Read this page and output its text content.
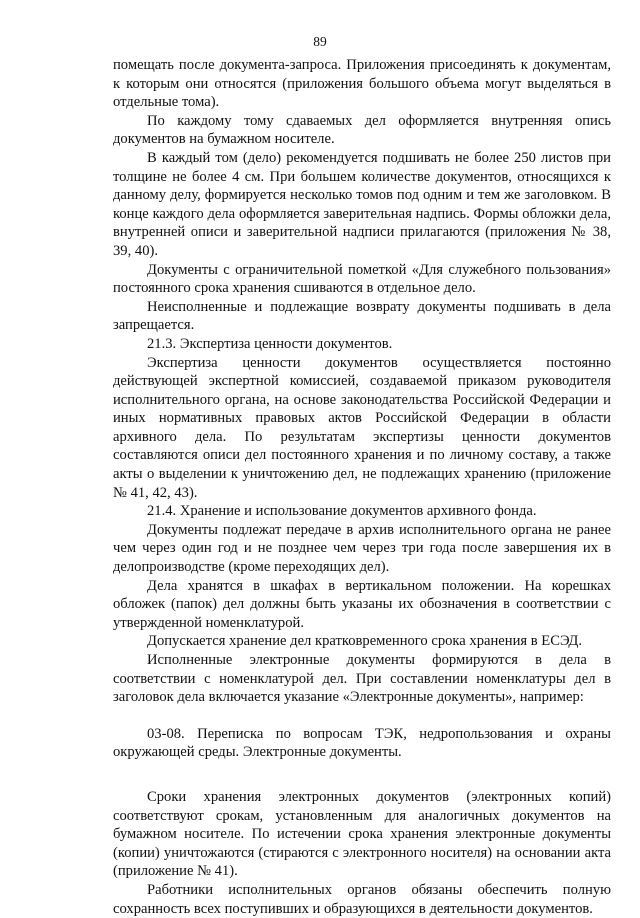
89

помещать после документа-запроса. Приложения присоединять к документам, к которым они относятся (приложения большого объема могут выделяться в отдельные тома).

По каждому тому сдаваемых дел оформляется внутренняя опись документов на бумажном носителе.

В каждый том (дело) рекомендуется подшивать не более 250 листов при толщине не более 4 см. При большем количестве документов, относящихся к данному делу, формируется несколько томов под одним и тем же заголовком. В конце каждого дела оформляется заверительная надпись. Формы обложки дела, внутренней описи и заверительной надписи прилагаются (приложения № 38, 39, 40).

Документы с ограничительной пометкой «Для служебного пользования» постоянного срока хранения сшиваются в отдельное дело.

Неисполненные и подлежащие возврату документы подшивать в дела запрещается.

21.3. Экспертиза ценности документов.

Экспертиза ценности документов осуществляется постоянно действующей экспертной комиссией, создаваемой приказом руководителя исполнительного органа, на основе законодательства Российской Федерации и иных нормативных правовых актов Российской Федерации в области архивного дела. По результатам экспертизы ценности документов составляются описи дел постоянного хранения и по личному составу, а также акты о выделении к уничтожению дел, не подлежащих хранению (приложение № 41, 42, 43).

21.4. Хранение и использование документов архивного фонда.

Документы подлежат передаче в архив исполнительного органа не ранее чем через один год и не позднее чем через три года после завершения их в делопроизводстве (кроме переходящих дел).

Дела хранятся в шкафах в вертикальном положении. На корешках обложек (папок) дел должны быть указаны их обозначения в соответствии с утвержденной номенклатурой.

Допускается хранение дел кратковременного срока хранения в ЕСЭД.

Исполненные электронные документы формируются в дела в соответствии с номенклатурой дел. При составлении номенклатуры дел в заголовок дела включается указание «Электронные документы», например:

03-08. Переписка по вопросам ТЭК, недропользования и охраны окружающей среды. Электронные документы.

Сроки хранения электронных документов (электронных копий) соответствуют срокам, установленным для аналогичных документов на бумажном носителе. По истечении срока хранения электронные документы (копии) уничтожаются (стираются с электронного носителя) на основании акта (приложение № 41).

Работники исполнительных органов обязаны обеспечить полную сохранность всех поступивших и образующихся в деятельности документов.
